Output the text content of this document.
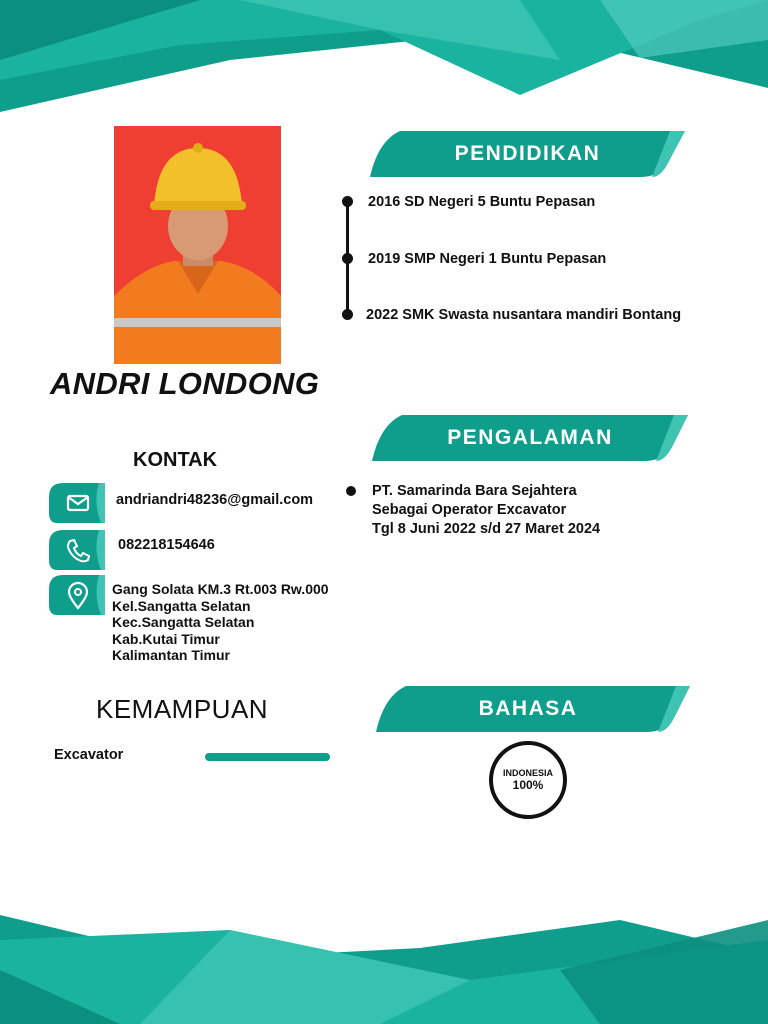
ANDRI LONDONG
PENDIDIKAN
2016 SD Negeri 5 Buntu Pepasan
2019 SMP Negeri 1 Buntu Pepasan
2022 SMK Swasta nusantara mandiri Bontang
PENGALAMAN
PT. Samarinda Bara Sejahtera
Sebagai Operator Excavator
Tgl 8 Juni 2022 s/d 27 Maret 2024
KONTAK
andriandri48236@gmail.com
082218154646
Gang Solata KM.3 Rt.003 Rw.000
Kel.Sangatta Selatan
Kec.Sangatta Selatan
Kab.Kutai Timur
Kalimantan Timur
KEMAMPUAN
Excavator
BAHASA
INDONESIA
100%
